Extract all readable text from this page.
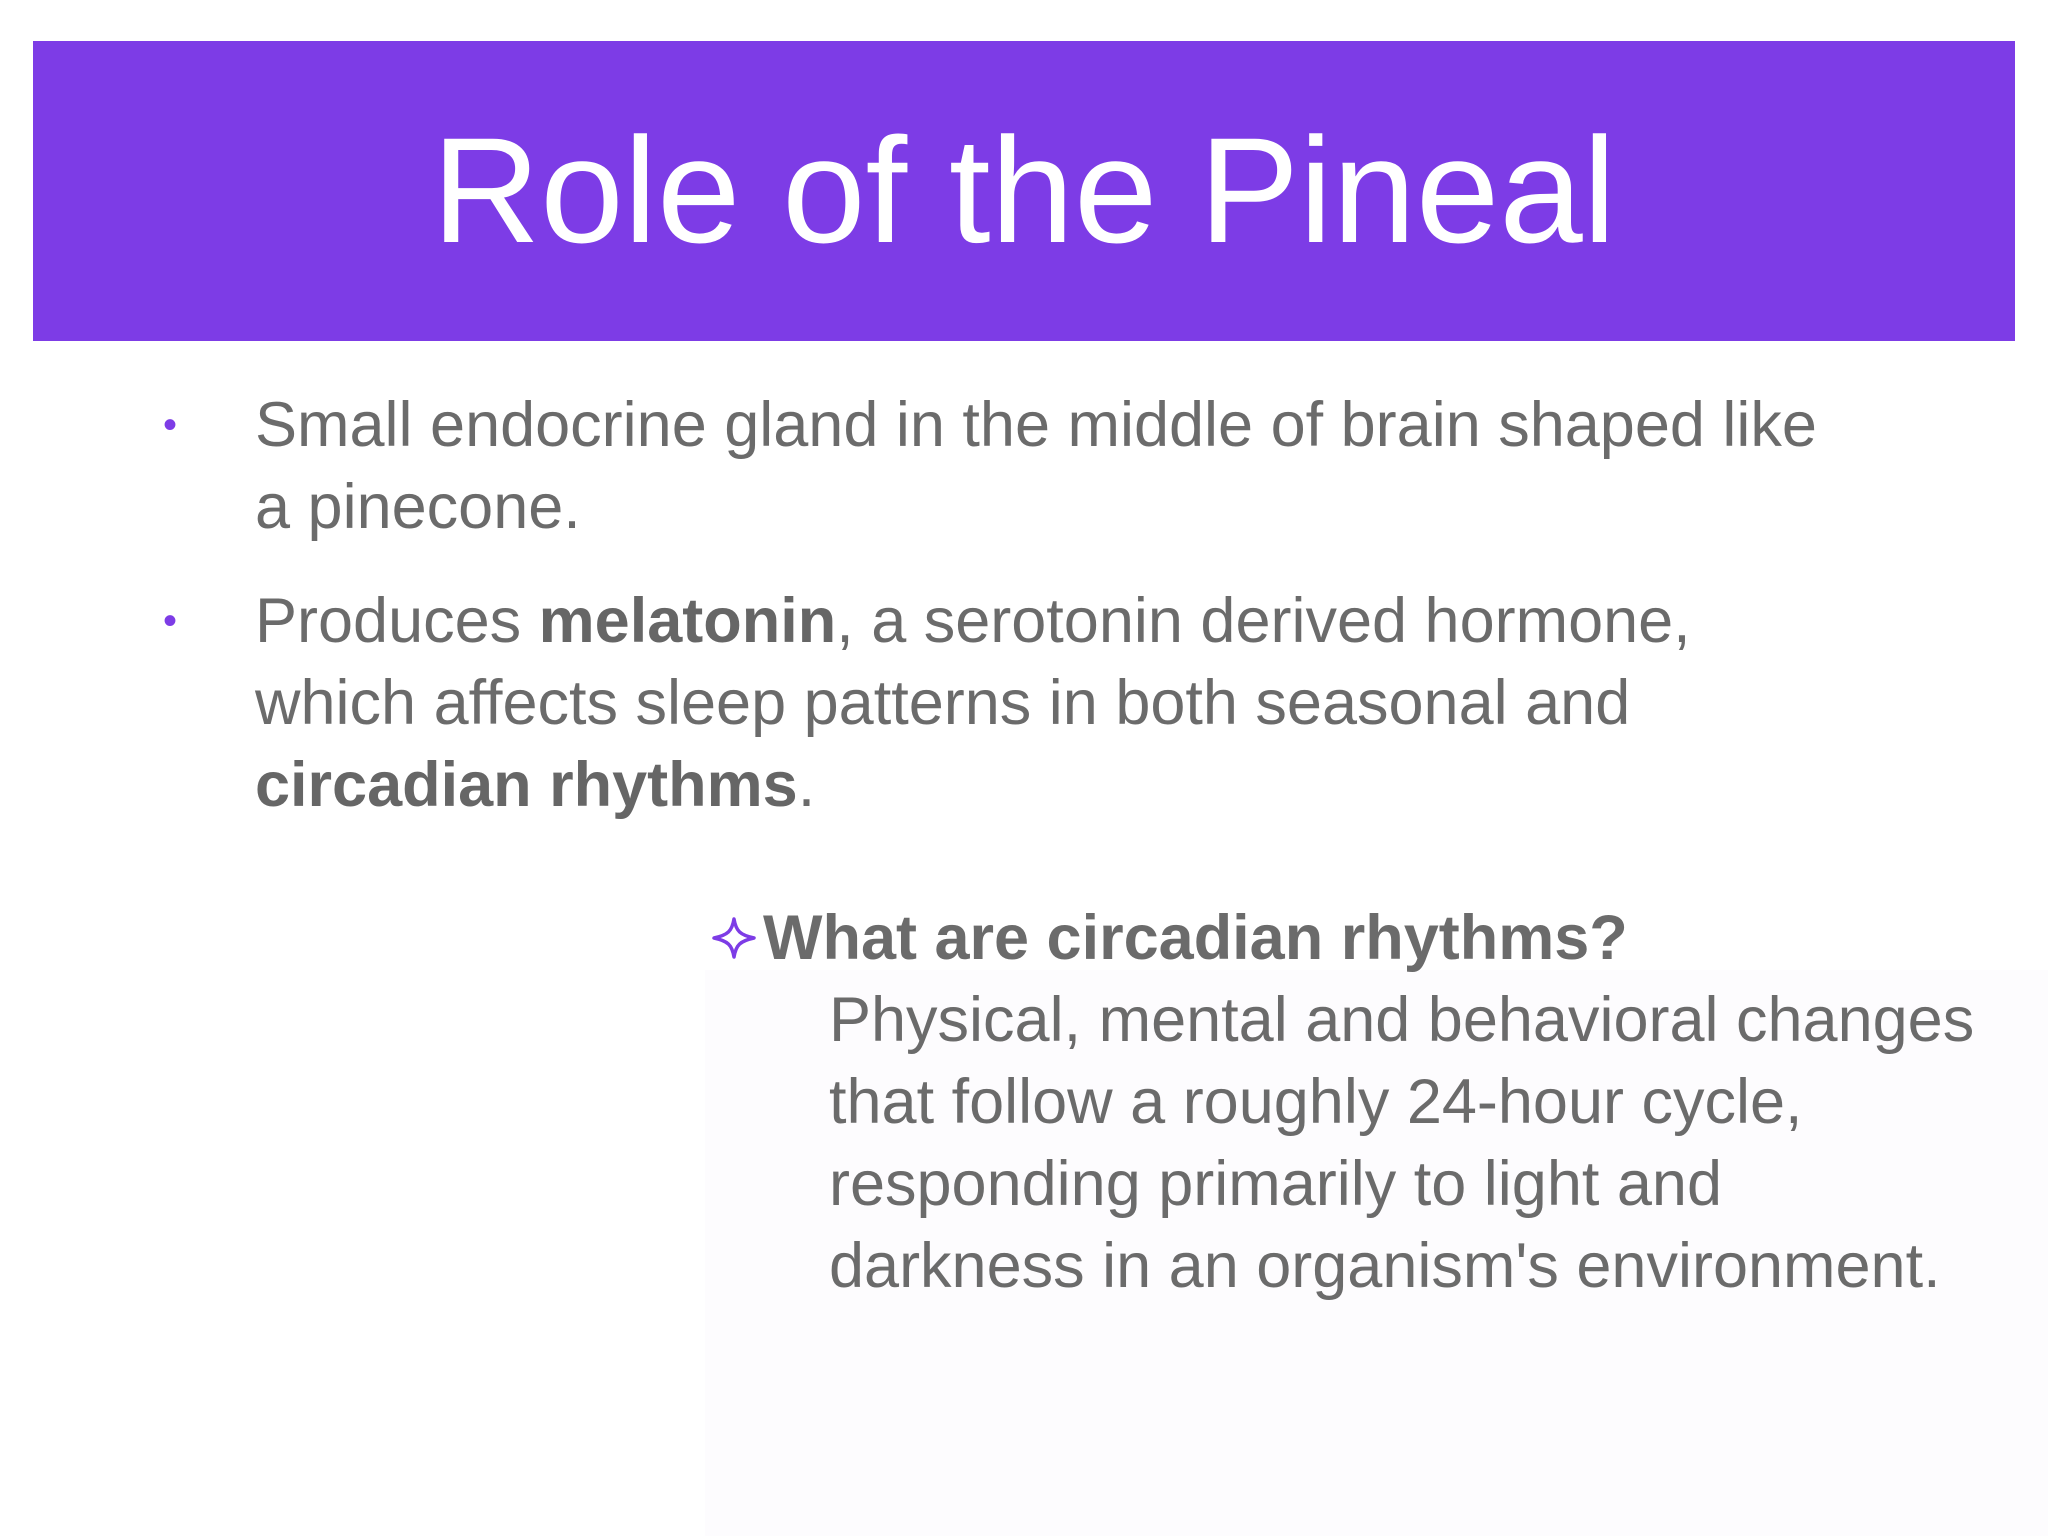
Role of the Pineal
•	Small endocrine gland in the middle of brain shaped like a pinecone.
•	Produces melatonin, a serotonin derived hormone, which affects sleep patterns in both seasonal and circadian rhythms.
What are circadian rhythms?
Physical, mental and behavioral changes that follow a roughly 24-hour cycle, responding primarily to light and darkness in an organism's environment.
